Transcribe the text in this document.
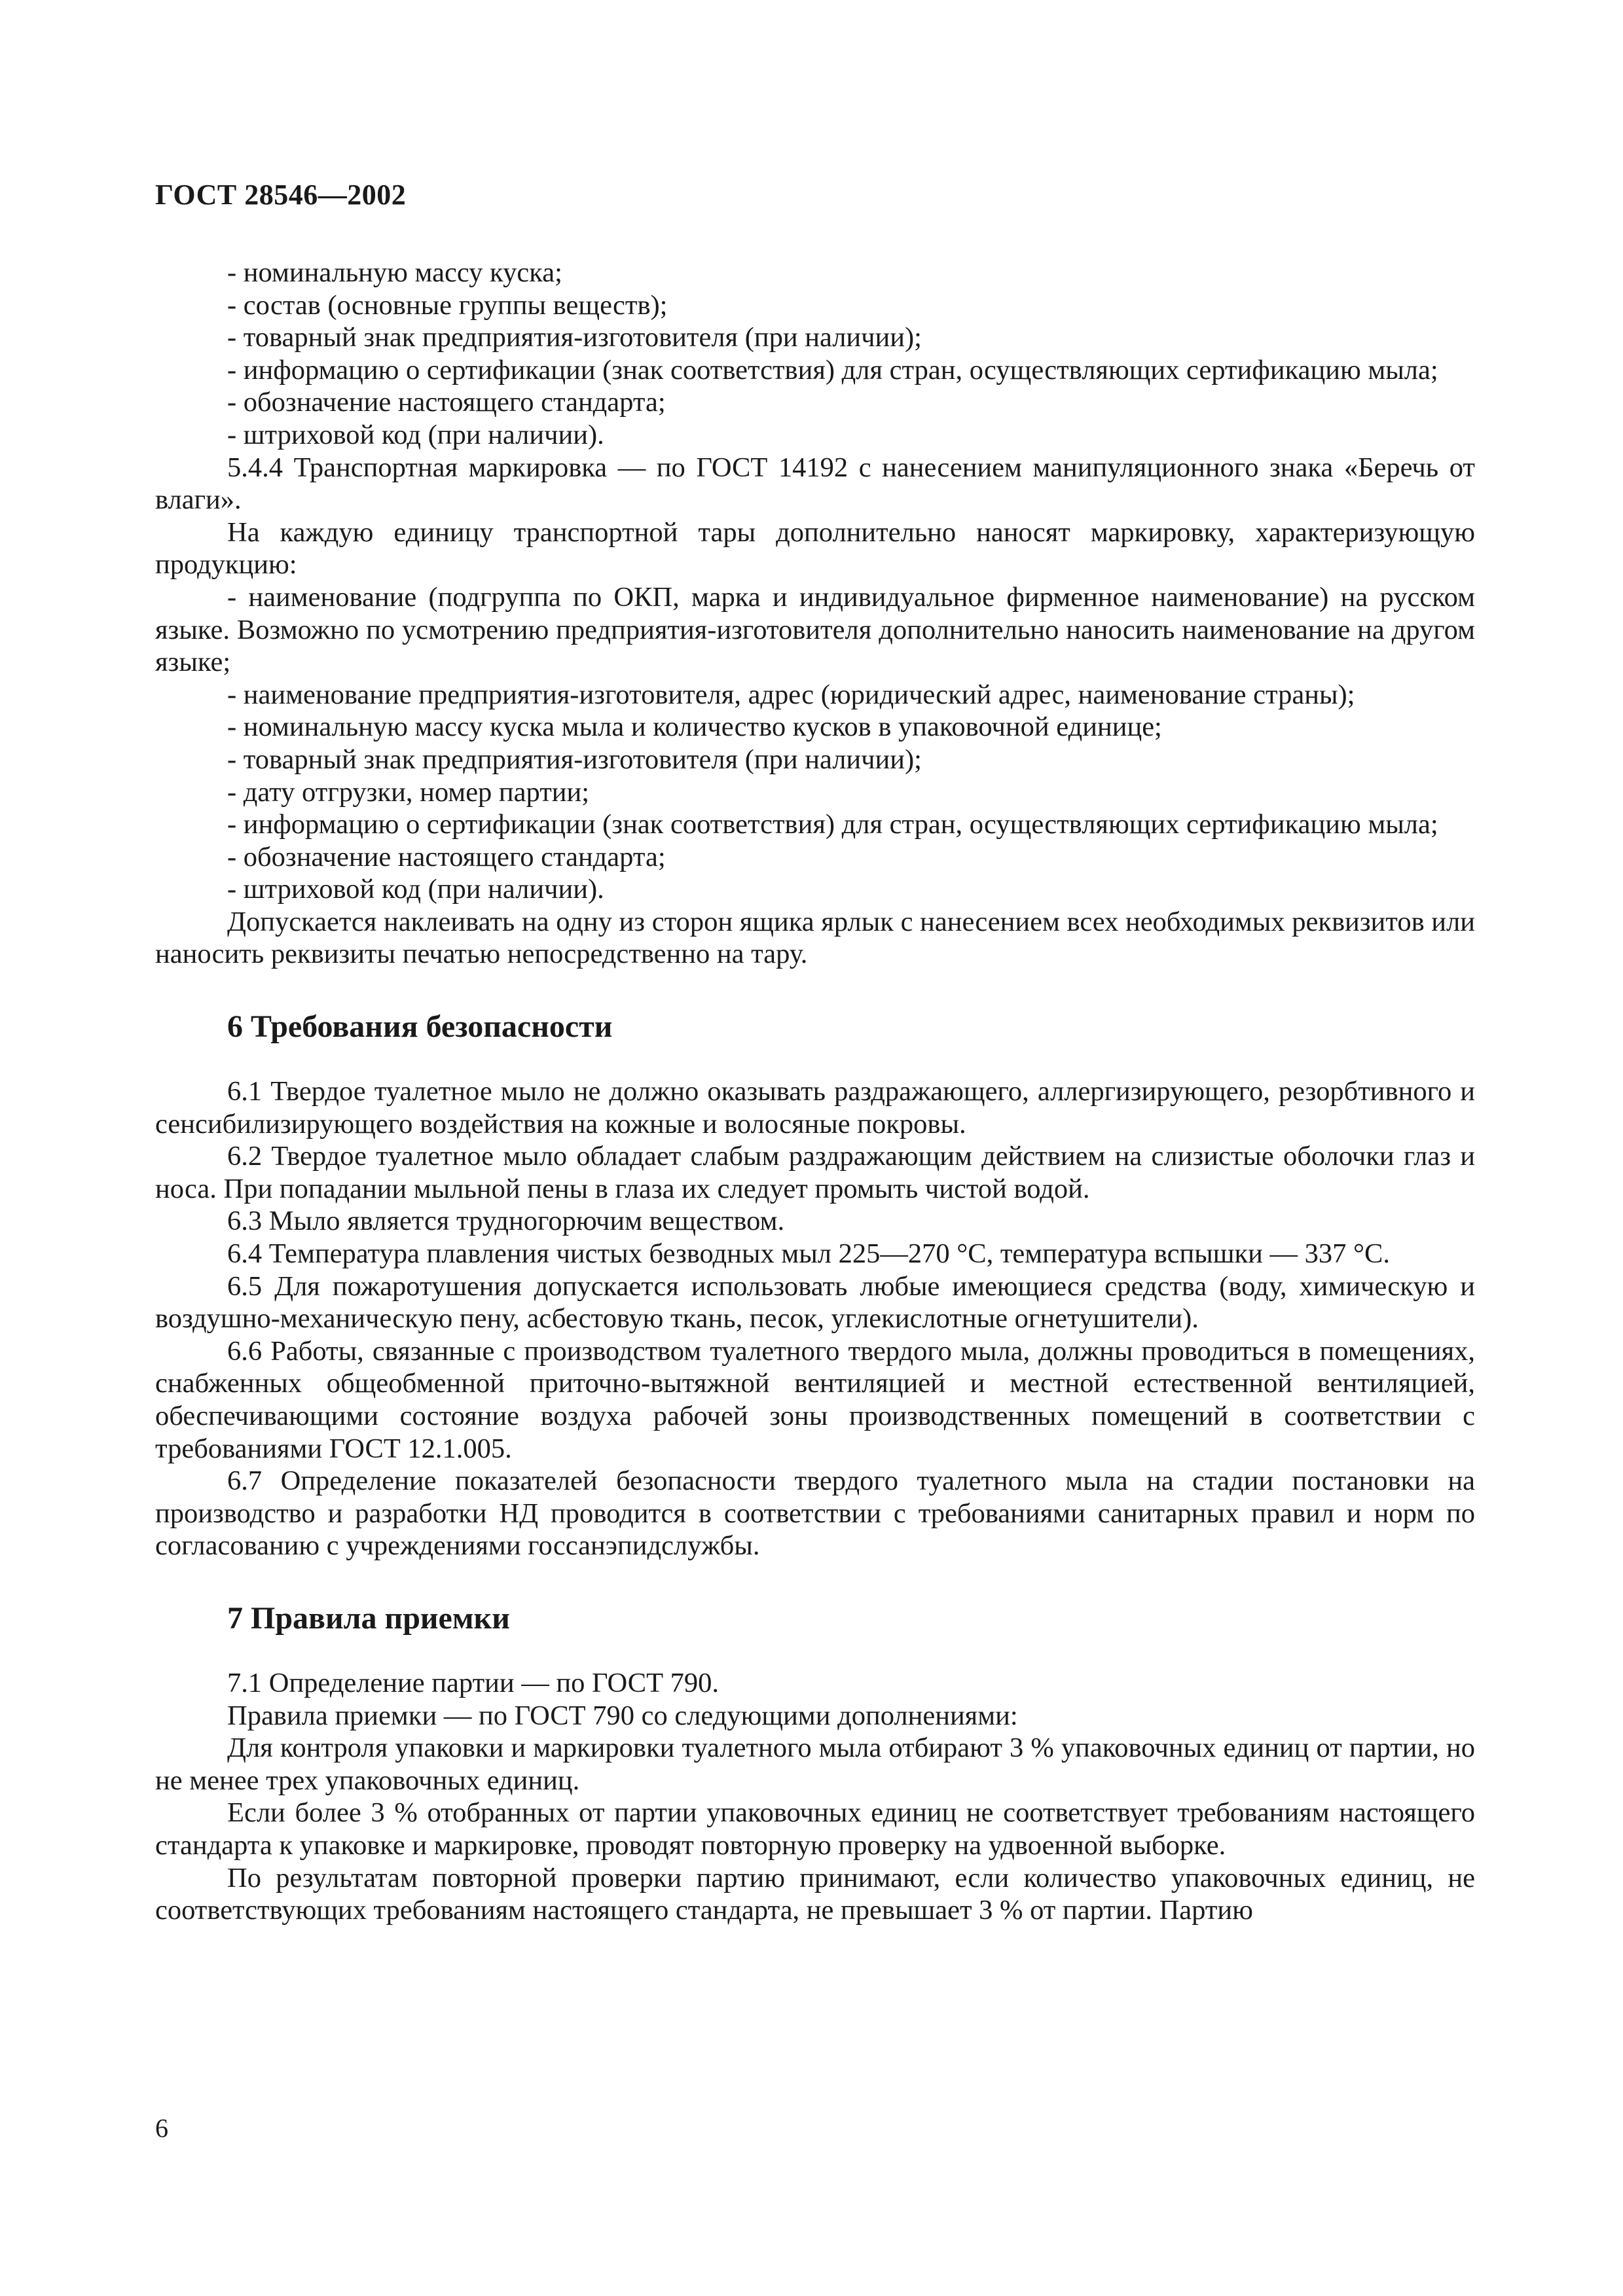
ГОСТ 28546—2002

- номинальную массу куска;

- состав (основные группы веществ);

- товарный знак предприятия-изготовителя (при наличии);

- информацию о сертификации (знак соответствия) для стран, осуществляющих сертификацию мыла;

- обозначение настоящего стандарта;

- штриховой код (при наличии).

5.4.4 Транспортная маркировка — по ГОСТ 14192 с нанесением манипуляционного знака «Беречь от влаги».

На каждую единицу транспортной тары дополнительно наносят маркировку, характеризующую продукцию:

- наименование (подгруппа по ОКП, марка и индивидуальное фирменное наименование) на русском языке. Возможно по усмотрению предприятия-изготовителя дополнительно наносить наименование на другом языке;

- наименование предприятия-изготовителя, адрес (юридический адрес, наименование страны);

- номинальную массу куска мыла и количество кусков в упаковочной единице;

- товарный знак предприятия-изготовителя (при наличии);

- дату отгрузки, номер партии;

- информацию о сертификации (знак соответствия) для стран, осуществляющих сертификацию мыла;

- обозначение настоящего стандарта;

- штриховой код (при наличии).

Допускается наклеивать на одну из сторон ящика ярлык с нанесением всех необходимых реквизитов или наносить реквизиты печатью непосредственно на тару.

6 Требования безопасности

6.1 Твердое туалетное мыло не должно оказывать раздражающего, аллергизирующего, резорбтивного и сенсибилизирующего воздействия на кожные и волосяные покровы.

6.2 Твердое туалетное мыло обладает слабым раздражающим действием на слизистые оболочки глаз и носа. При попадании мыльной пены в глаза их следует промыть чистой водой.

6.3 Мыло является трудногорючим веществом.

6.4 Температура плавления чистых безводных мыл 225—270 °С, температура вспышки — 337 °С.

6.5 Для пожаротушения допускается использовать любые имеющиеся средства (воду, химическую и воздушно-механическую пену, асбестовую ткань, песок, углекислотные огнетушители).

6.6 Работы, связанные с производством туалетного твердого мыла, должны проводиться в помещениях, снабженных общеобменной приточно-вытяжной вентиляцией и местной естественной вентиляцией, обеспечивающими состояние воздуха рабочей зоны производственных помещений в соответствии с требованиями ГОСТ 12.1.005.

6.7 Определение показателей безопасности твердого туалетного мыла на стадии постановки на производство и разработки НД проводится в соответствии с требованиями санитарных правил и норм по согласованию с учреждениями госсанэпидслужбы.

7 Правила приемки

7.1 Определение партии — по ГОСТ 790.

Правила приемки — по ГОСТ 790 со следующими дополнениями:

Для контроля упаковки и маркировки туалетного мыла отбирают 3 % упаковочных единиц от партии, но не менее трех упаковочных единиц.

Если более 3 % отобранных от партии упаковочных единиц не соответствует требованиям настоящего стандарта к упаковке и маркировке, проводят повторную проверку на удвоенной выборке.

По результатам повторной проверки партию принимают, если количество упаковочных единиц, не соответствующих требованиям настоящего стандарта, не превышает 3 % от партии. Партию

6
